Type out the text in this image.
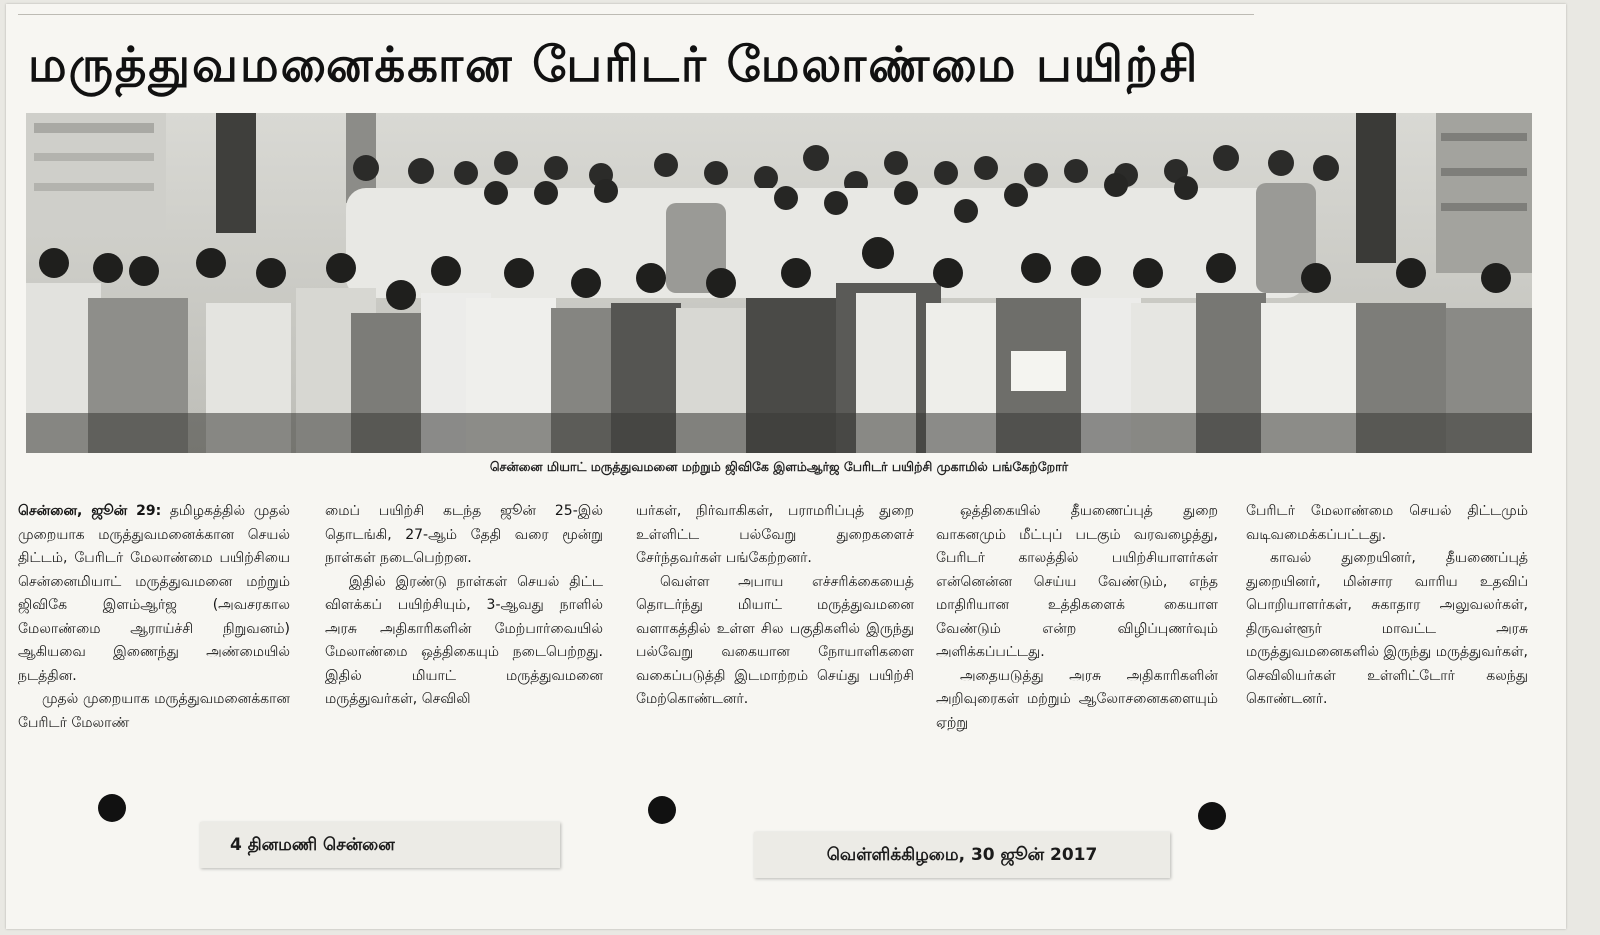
மருத்துவமனைக்கான பேரிடர் மேலாண்மை பயிற்சி
சென்னை மியாட் மருத்துவமனை மற்றும் ஜிவிகே இளம்ஆர்ஜ பேரிடர் பயிற்சி முகாமில் பங்கேற்றோர்

சென்னை, ஜூன் 29: தமிழகத்தில் முதல் முறையாக மருத்துவமனைக்கான செயல் திட்டம், பேரிடர் மேலாண்மை பயிற்சியை சென்னைமியாட் மருத்துவமனை மற்றும் ஜிவிகே இளம்ஆர்ஜ (அவசரகால மேலாண்மை ஆராய்ச்சி நிறுவனம்) ஆகியவை இணைந்து அண்மையில் நடத்தின.

முதல் முறையாக மருத்துவமனைக்கான பேரிடர் மேலாண்

மைப் பயிற்சி கடந்த ஜூன் 25-இல் தொடங்கி, 27-ஆம் தேதி வரை மூன்று நாள்கள் நடைபெற்றன.

இதில் இரண்டு நாள்கள் செயல் திட்ட விளக்கப் பயிற்சியும், 3-ஆவது நாளில் அரசு அதிகாரிகளின் மேற்பார்வையில் மேலாண்மை ஒத்திகையும் நடைபெற்றது. இதில் மியாட் மருத்துவமனை மருத்துவர்கள், செவிலி

யர்கள், நிர்வாகிகள், பராமரிப்புத் துறை உள்ளிட்ட பல்வேறு துறைகளைச் சேர்ந்தவர்கள் பங்கேற்றனர்.

வெள்ள அபாய எச்சரிக்கையைத் தொடர்ந்து மியாட் மருத்துவமனை வளாகத்தில் உள்ள சில பகுதிகளில் இருந்து பல்வேறு வகையான நோயாளிகளை வகைப்படுத்தி இடமாற்றம் செய்து பயிற்சி மேற்கொண்டனர்.

ஒத்திகையில் தீயணைப்புத் துறை வாகனமும் மீட்புப் படகும் வரவழைத்து, பேரிடர் காலத்தில் பயிற்சியாளர்கள் என்னென்ன செய்ய வேண்டும், எந்த மாதிரியான உத்திகளைக் கையாள வேண்டும் என்ற விழிப்புணர்வும் அளிக்கப்பட்டது.

அதையடுத்து அரசு அதிகாரிகளின் அறிவுரைகள் மற்றும் ஆலோசனைகளையும் ஏற்று

பேரிடர் மேலாண்மை செயல் திட்டமும் வடிவமைக்கப்பட்டது.

காவல் துறையினர், தீயணைப்புத் துறையினர், மின்சார வாரிய உதவிப் பொறியாளர்கள், சுகாதார அலுவலர்கள், திருவள்ளூர் மாவட்ட அரசு மருத்துவமனைகளில் இருந்து மருத்துவர்கள், செவிலியர்கள் உள்ளிட்டோர் கலந்து கொண்டனர்.

4 தினமணி சென்னை	வெள்ளிக்கிழமை, 30 ஜூன் 2017
